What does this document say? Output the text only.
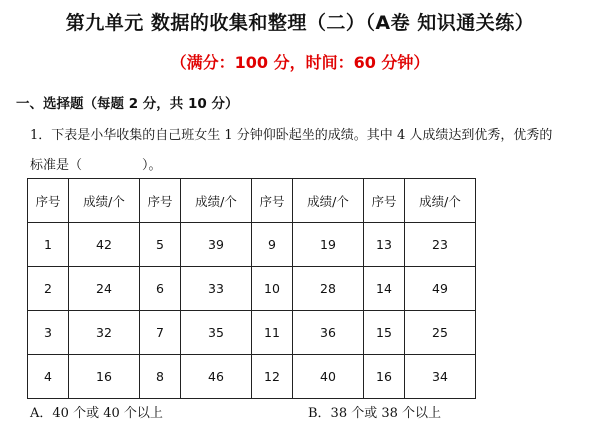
第九单元 数据的收集和整理（二）（A卷 知识通关练）
（满分：100 分，时间：60 分钟）
一、选择题（每题 2 分，共 10 分）
1．下表是小华收集的自己班女生 1 分钟仰卧起坐的成绩。其中 4 人成绩达到优秀，优秀的
标准是（	）。
序号	成绩/个	序号	成绩/个	序号	成绩/个	序号	成绩/个
1	42	5	39	9	19	13	23
2	24	6	33	10	28	14	49
3	32	7	35	11	36	15	25
4	16	8	46	12	40	16	34
A．40 个或 40 个以上	B．38 个或 38 个以上
